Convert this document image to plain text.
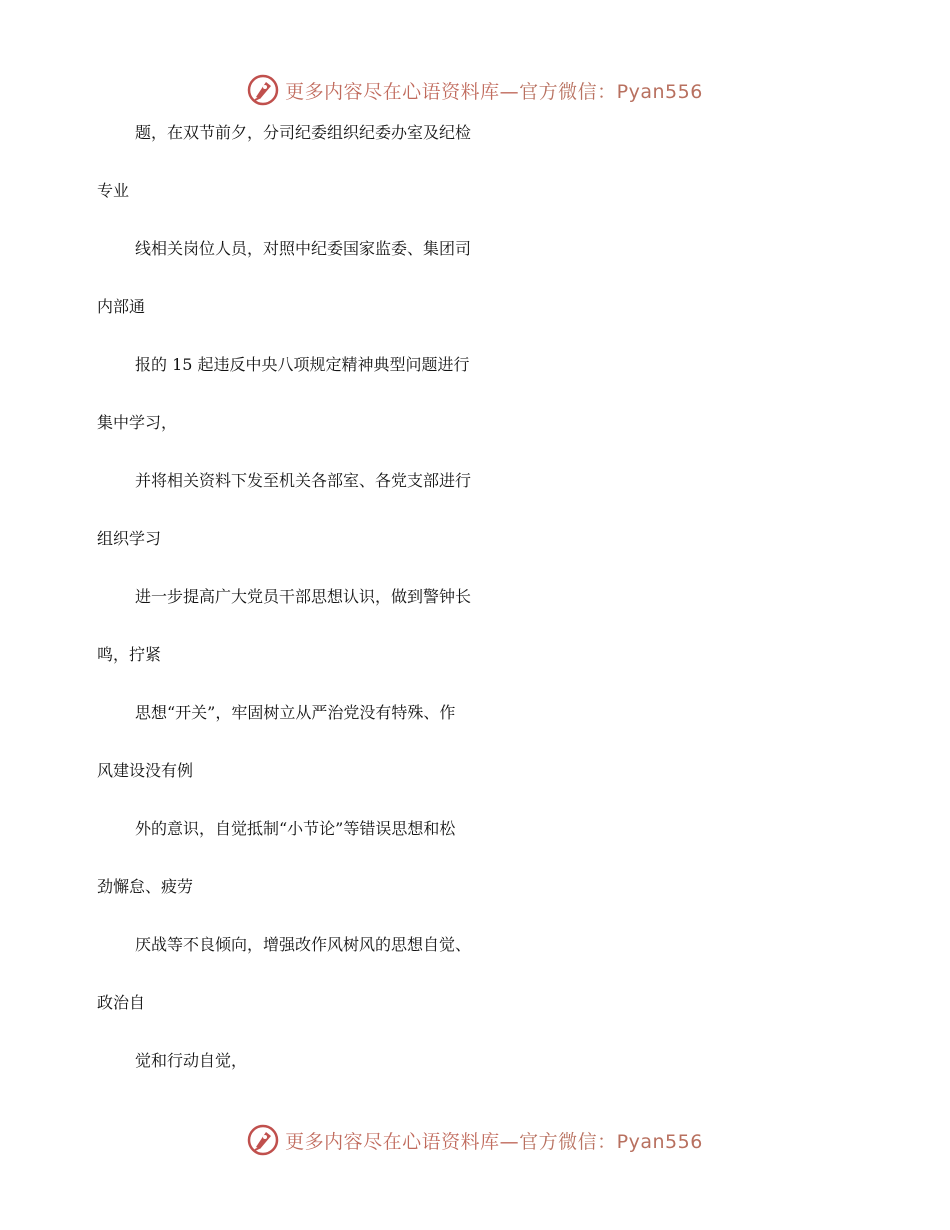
更多内容尽在心语资料库—官方微信：Pyan556
题，在双节前夕，分司纪委组织纪委办室及纪检
专业
线相关岗位人员，对照中纪委国家监委、集团司
内部通
报的 15 起违反中央八项规定精神典型问题进行
集中学习，
并将相关资料下发至机关各部室、各党支部进行
组织学习
进一步提高广大党员干部思想认识，做到警钟长
鸣，拧紧
思想“开关”，牢固树立从严治党没有特殊、作
风建设没有例
外的意识，自觉抵制“小节论”等错误思想和松
劲懈怠、疲劳
厌战等不良倾向，增强改作风树风的思想自觉、
政治自
觉和行动自觉，
更多内容尽在心语资料库—官方微信：Pyan556
